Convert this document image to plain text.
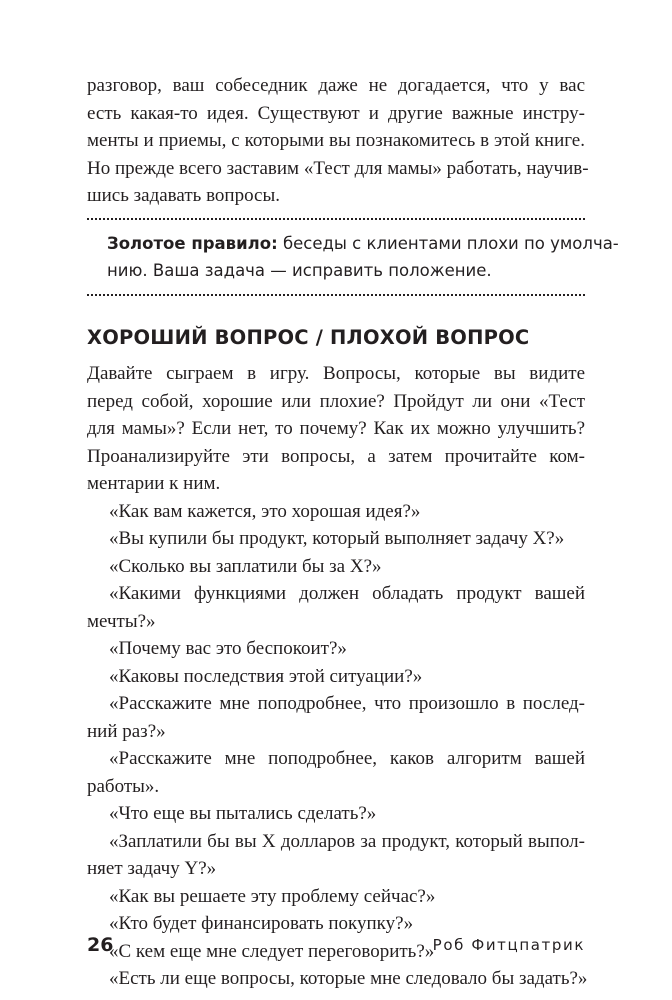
разговор, ваш собеседник даже не догадается, что у вас
есть какая-то идея. Существуют и другие важные инстру-
менты и приемы, с которыми вы познакомитесь в этой книге.
Но прежде всего заставим «Тест для мамы» работать, научив-
шись задавать вопросы.

Золотое правило: беседы с клиентами плохи по умолча-
нию. Ваша задача — исправить положение.
ХОРОШИЙ ВОПРОС / ПЛОХОЙ ВОПРОС

Давайте сыграем в игру. Вопросы, которые вы видите
перед собой, хорошие или плохие? Пройдут ли они «Тест
для мамы»? Если нет, то почему? Как их можно улучшить?
Проанализируйте эти вопросы, а затем прочитайте ком-
ментарии к ним.

«Как вам кажется, это хорошая идея?»

«Вы купили бы продукт, который выполняет задачу X?»

«Сколько вы заплатили бы за X?»

«Какими функциями должен обладать продукт вашей
мечты?»

«Почему вас это беспокоит?»

«Каковы последствия этой ситуации?»

«Расскажите мне поподробнее, что произошло в послед-
ний раз?»

«Расскажите мне поподробнее, каков алгоритм вашей
работы».

«Что еще вы пытались сделать?»

«Заплатили бы вы X долларов за продукт, который выпол-
няет задачу Y?»

«Как вы решаете эту проблему сейчас?»

«Кто будет финансировать покупку?»

«С кем еще мне следует переговорить?»

«Есть ли еще вопросы, которые мне следовало бы задать?»

26	Роб Фитцпатрик
